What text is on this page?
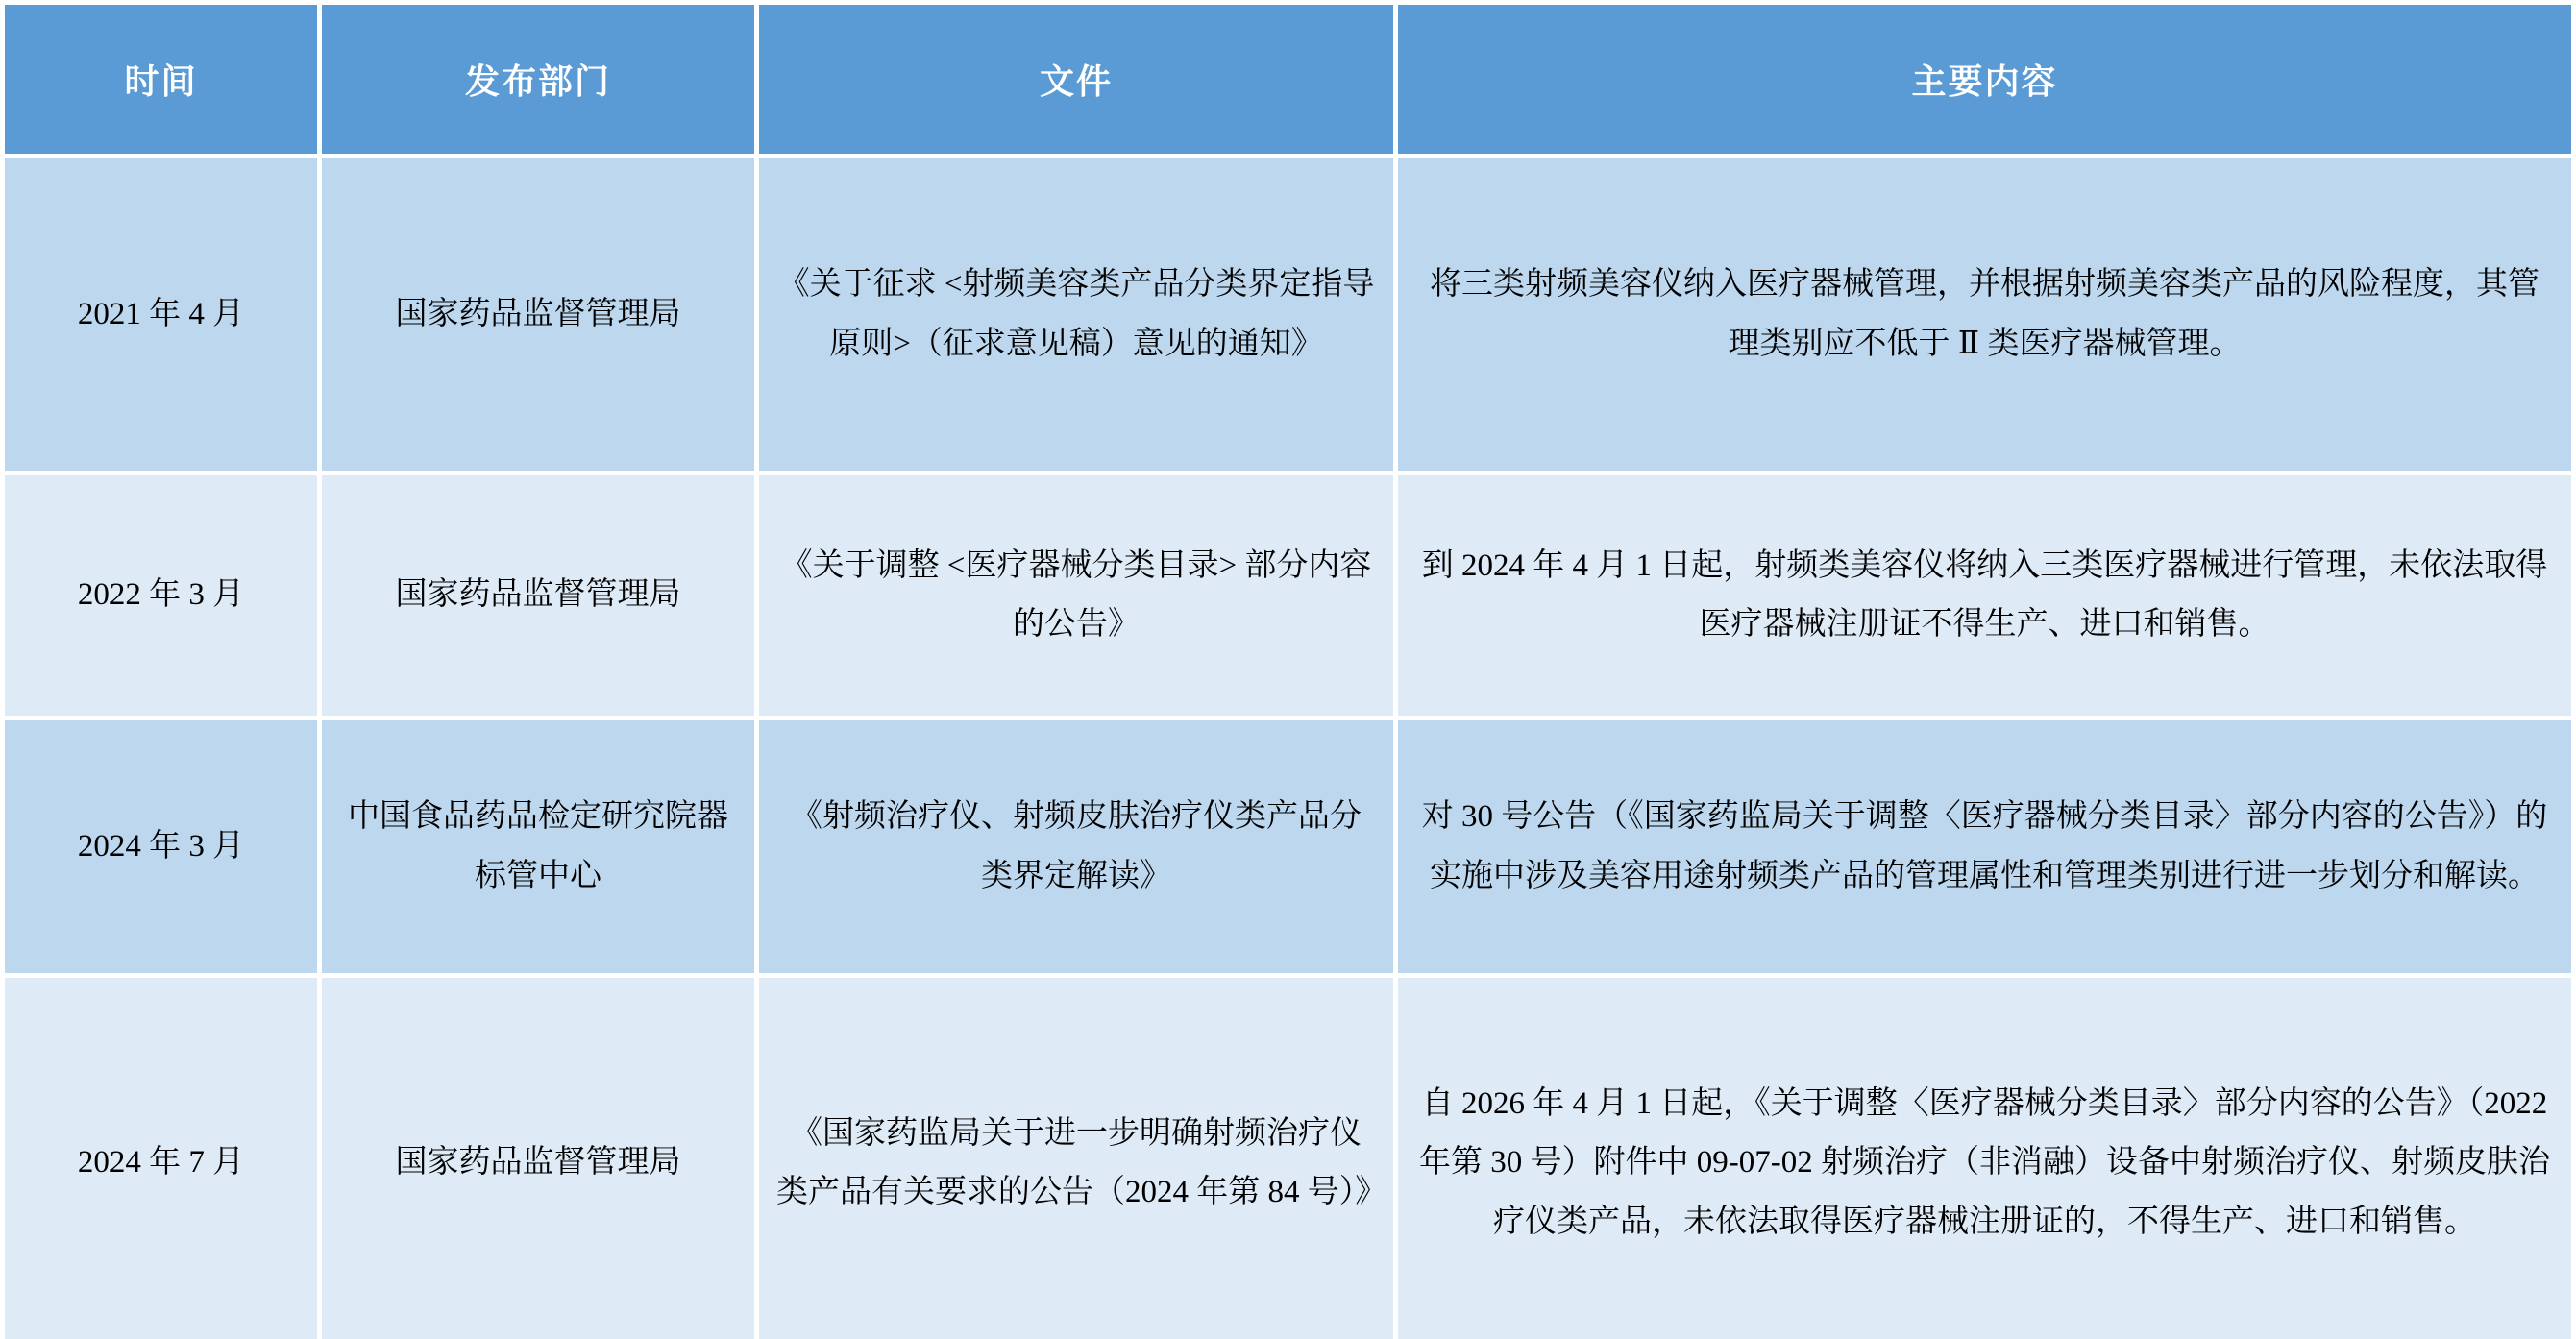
时间	发布部门	文件	主要内容
2021 年 4 月	国家药品监督管理局	《关于征求 <射频美容类产品分类界定指导原则>（征求意见稿）意见的通知》	将三类射频美容仪纳入医疗器械管理，并根据射频美容类产品的风险程度，其管理类别应不低于 Ⅱ 类医疗器械管理。
2022 年 3 月	国家药品监督管理局	《关于调整 <医疗器械分类目录> 部分内容的公告》	到 2024 年 4 月 1 日起，射频类美容仪将纳入三类医疗器械进行管理，未依法取得医疗器械注册证不得生产、进口和销售。
2024 年 3 月	中国食品药品检定研究院器标管中心	《射频治疗仪、射频皮肤治疗仪类产品分类界定解读》	对 30 号公告（《国家药监局关于调整〈医疗器械分类目录〉部分内容的公告》）的实施中涉及美容用途射频类产品的管理属性和管理类别进行进一步划分和解读。
2024 年 7 月	国家药品监督管理局	《国家药监局关于进一步明确射频治疗仪类产品有关要求的公告（2024 年第 84 号）》	自 2026 年 4 月 1 日起，《关于调整〈医疗器械分类目录〉部分内容的公告》（2022 年第 30 号）附件中 09-07-02 射频治疗（非消融）设备中射频治疗仪、射频皮肤治疗仪类产品，未依法取得医疗器械注册证的，不得生产、进口和销售。
